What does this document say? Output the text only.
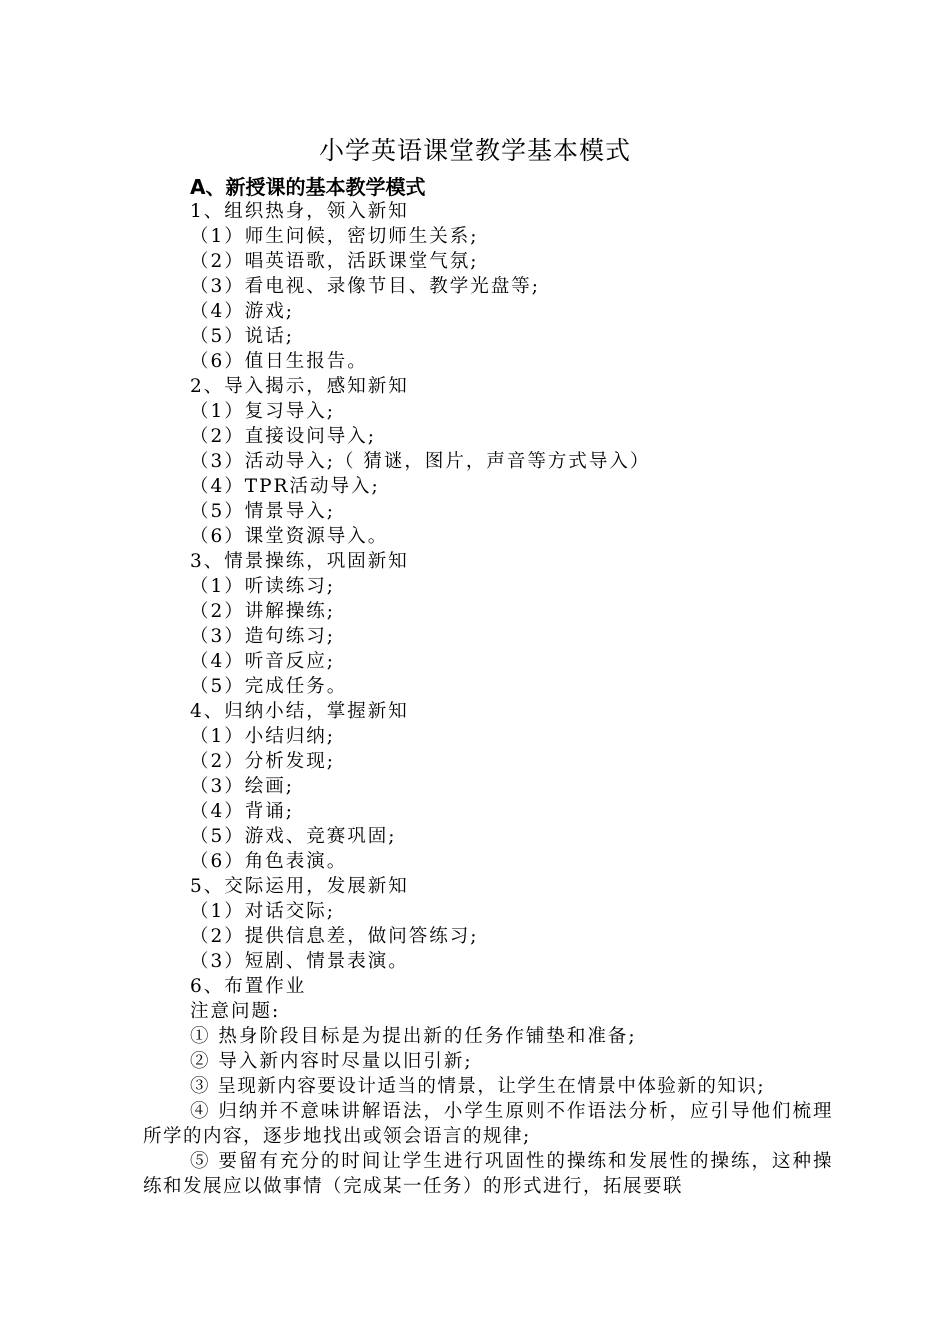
小学英语课堂教学基本模式
A、新授课的基本教学模式
1、组织热身，领入新知
（1）师生问候，密切师生关系;
（2）唱英语歌，活跃课堂气氛;
（3）看电视、录像节目、教学光盘等;
（4）游戏;
（5）说话;
（6）值日生报告。
2、导入揭示，感知新知
（1）复习导入;
（2）直接设问导入;
（3）活动导入;（ 猜谜，图片，声音等方式导入）
（4）TPR活动导入;
（5）情景导入;
（6）课堂资源导入。
3、情景操练，巩固新知
（1）听读练习;
（2）讲解操练;
（3）造句练习;
（4）听音反应;
（5）完成任务。
4、归纳小结，掌握新知
（1）小结归纳;
（2）分析发现;
（3）绘画;
（4）背诵;
（5）游戏、竞赛巩固;
（6）角色表演。
5、交际运用，发展新知
（1）对话交际;
（2）提供信息差，做问答练习;
（3）短剧、情景表演。
6、布置作业
注意问题:
① 热身阶段目标是为提出新的任务作铺垫和准备;
② 导入新内容时尽量以旧引新;
③ 呈现新内容要设计适当的情景，让学生在情景中体验新的知识;
④ 归纳并不意味讲解语法，小学生原则不作语法分析，应引导他们梳理所学的内容，逐步地找出或领会语言的规律;
⑤ 要留有充分的时间让学生进行巩固性的操练和发展性的操练，这种操练和发展应以做事情（完成某一任务）的形式进行，拓展要联
